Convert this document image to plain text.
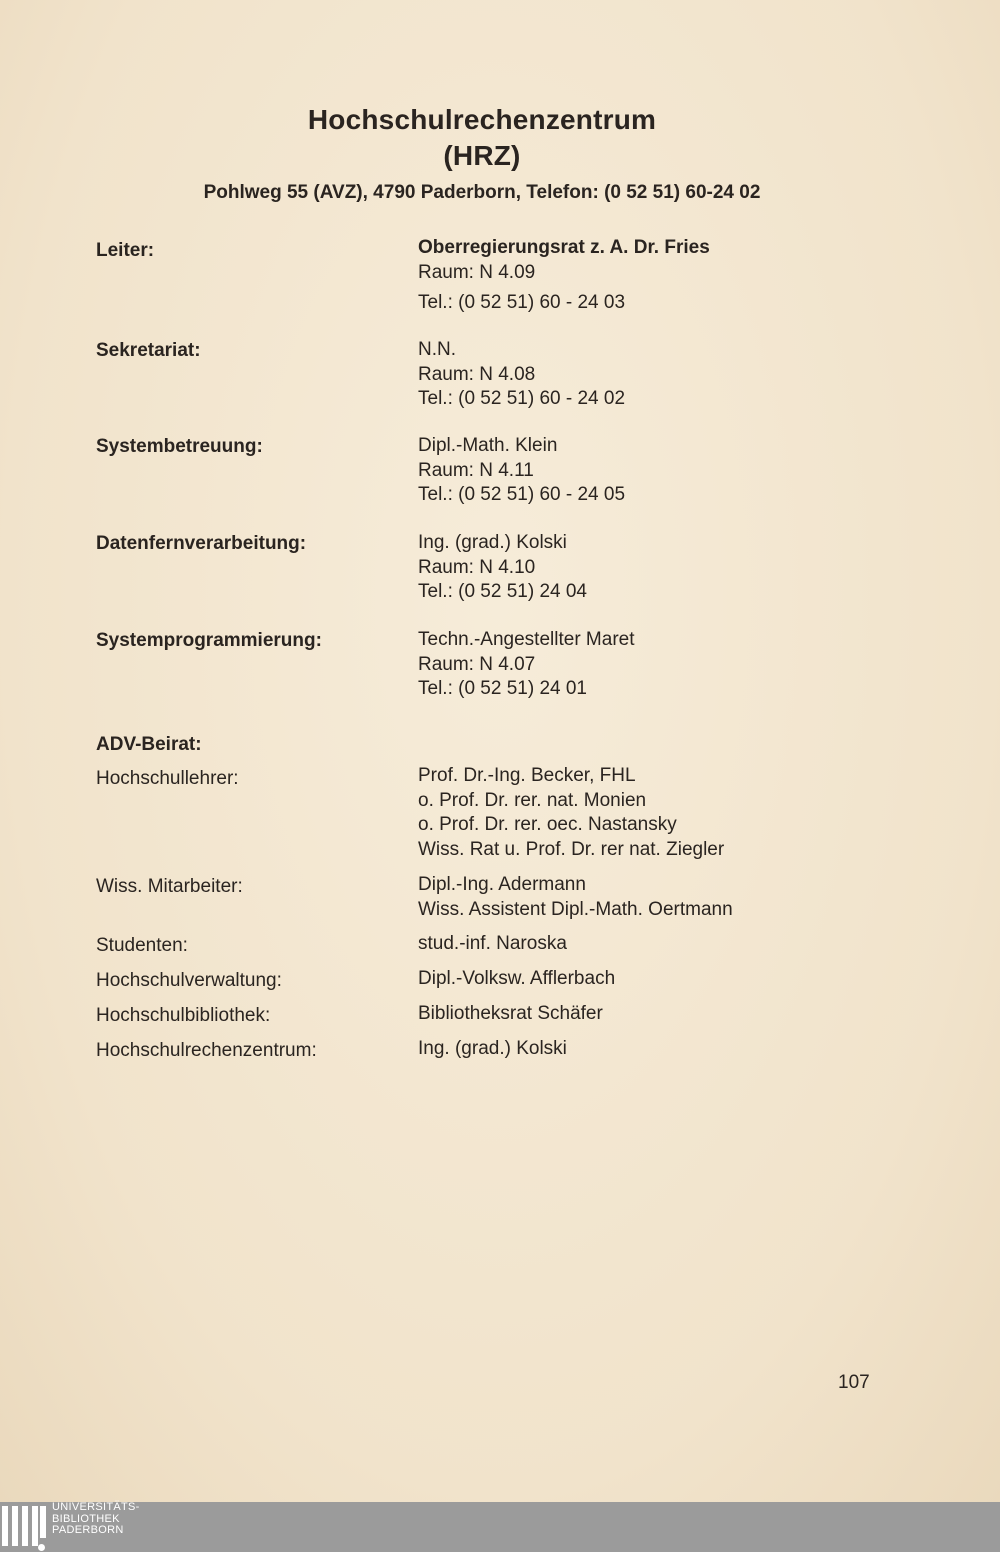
Hochschulrechenzentrum
(HRZ)
Pohlweg 55 (AVZ), 4790 Paderborn, Telefon: (0 52 51) 60-24 02
Leiter:	Oberregierungsrat z. A. Dr. Fries
Raum: N 4.09
Tel.: (0 52 51) 60 - 24 03
Sekretariat:	N.N.
Raum: N 4.08
Tel.: (0 52 51) 60 - 24 02
Systembetreuung:	Dipl.-Math. Klein
Raum: N 4.11
Tel.: (0 52 51) 60 - 24 05
Datenfernverarbeitung:	Ing. (grad.) Kolski
Raum: N 4.10
Tel.: (0 52 51) 24 04
Systemprogrammierung:	Techn.-Angestellter Maret
Raum: N 4.07
Tel.: (0 52 51) 24 01
ADV-Beirat:
Hochschullehrer:	Prof. Dr.-Ing. Becker, FHL
o. Prof. Dr. rer. nat. Monien
o. Prof. Dr. rer. oec. Nastansky
Wiss. Rat u. Prof. Dr. rer nat. Ziegler
Wiss. Mitarbeiter:	Dipl.-Ing. Adermann
Wiss. Assistent Dipl.-Math. Oertmann
Studenten:	stud.-inf. Naroska
Hochschulverwaltung:	Dipl.-Volksw. Afflerbach
Hochschulbibliothek:	Bibliotheksrat Schäfer
Hochschulrechenzentrum:	Ing. (grad.) Kolski
107
UNIVERSITÄTS-
BIBLIOTHEK
PADERBORN
